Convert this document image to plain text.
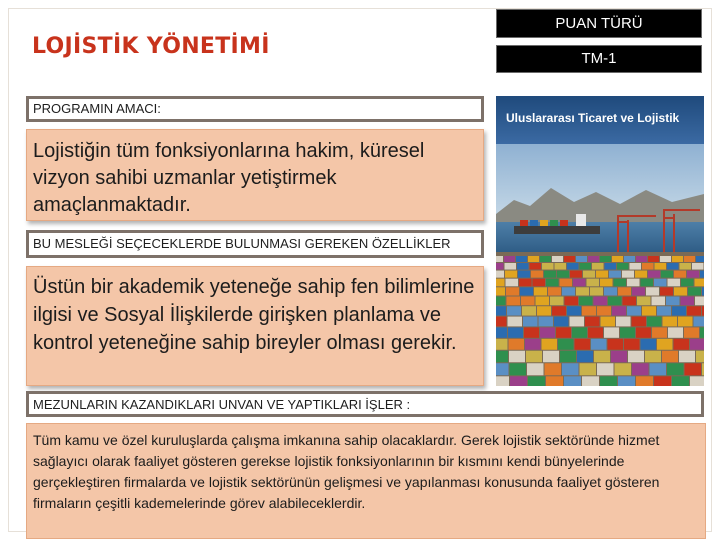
LOJİSTİK YÖNETİMİ
PUAN TÜRÜ
TM-1
PROGRAMIN AMACI:
Lojistiğin tüm fonksiyonlarına hakim, küresel vizyon sahibi uzmanlar yetiştirmek amaçlanmaktadır.
BU MESLEĞİ SEÇECEKLERDE BULUNMASI GEREKEN ÖZELLİKLER
Üstün bir akademik yeteneğe sahip fen bilimlerine ilgisi ve Sosyal İlişkilerde girişken planlama ve kontrol yeteneğine sahip bireyler olması gerekir.
MEZUNLARIN KAZANDIKLARI UNVAN VE YAPTIKLARI İŞLER :
Tüm kamu ve özel kuruluşlarda çalışma imkanına sahip olacaklardır. Gerek lojistik sektöründe hizmet sağlayıcı olarak faaliyet gösteren gerekse lojistik fonksiyonlarının bir kısmını kendi bünyelerinde gerçekleştiren firmalarda ve lojistik sektörünün gelişmesi ve yapılanması konusunda faaliyet gösteren firmaların çeşitli kademelerinde görev alabileceklerdir.
Uluslararası Ticaret ve Lojistik
